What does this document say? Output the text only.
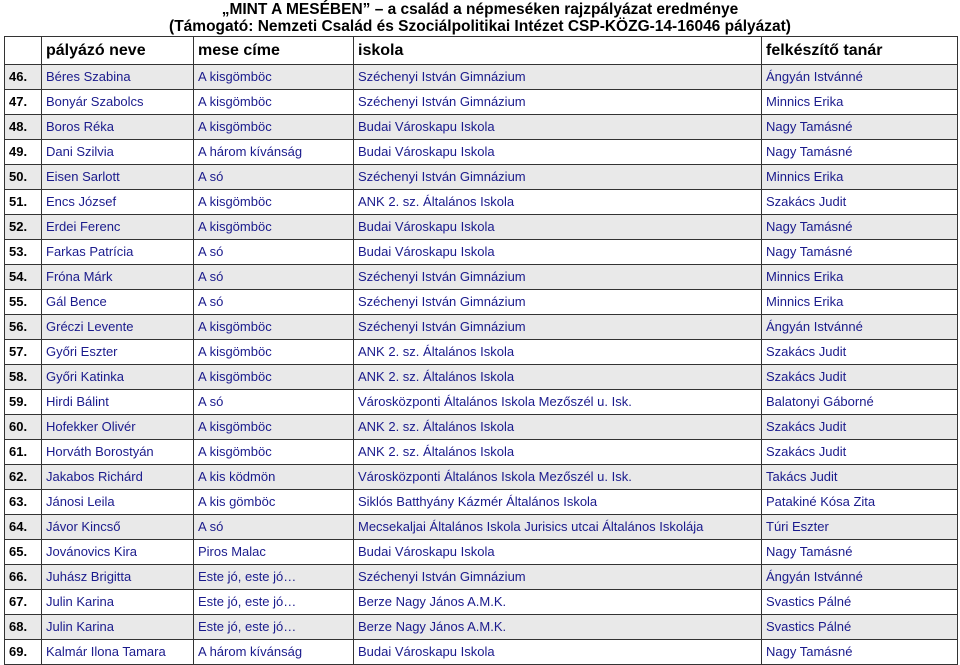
„MINT A MESÉBEN” – a család a népmeséken rajzpályázat eredménye
(Támogató: Nemzeti Család és Szociálpolitikai Intézet CSP-KÖZG-14-16046 pályázat)
	pályázó neve	mese címe	iskola	felkészítő tanár
46.	Béres Szabina	A kisgömböc	Széchenyi István Gimnázium	Ángyán Istvánné
47.	Bonyár Szabolcs	A kisgömböc	Széchenyi István Gimnázium	Minnics Erika
48.	Boros Réka	A kisgömböc	Budai Városkapu Iskola	Nagy Tamásné
49.	Dani Szilvia	A három kívánság	Budai Városkapu Iskola	Nagy Tamásné
50.	Eisen Sarlott	A só	Széchenyi István Gimnázium	Minnics Erika
51.	Encs József	A kisgömböc	ANK 2. sz. Általános Iskola	Szakács Judit
52.	Erdei Ferenc	A kisgömböc	Budai Városkapu Iskola	Nagy Tamásné
53.	Farkas Patrícia	A só	Budai Városkapu Iskola	Nagy Tamásné
54.	Fróna Márk	A só	Széchenyi István Gimnázium	Minnics Erika
55.	Gál Bence	A só	Széchenyi István Gimnázium	Minnics Erika
56.	Gréczi Levente	A kisgömböc	Széchenyi István Gimnázium	Ángyán Istvánné
57.	Győri Eszter	A kisgömböc	ANK 2. sz. Általános Iskola	Szakács Judit
58.	Győri Katinka	A kisgömböc	ANK 2. sz. Általános Iskola	Szakács Judit
59.	Hirdi Bálint	A só	Városközponti Általános Iskola Mezőszél u. Isk.	Balatonyi Gáborné
60.	Hofekker Olivér	A kisgömböc	ANK 2. sz. Általános Iskola	Szakács Judit
61.	Horváth Borostyán	A kisgömböc	ANK 2. sz. Általános Iskola	Szakács Judit
62.	Jakabos Richárd	A kis ködmön	Városközponti Általános Iskola Mezőszél u. Isk.	Takács Judit
63.	Jánosi Leila	A kis gömböc	Siklós Batthyány Kázmér Általános Iskola	Patakiné Kósa Zita
64.	Jávor Kincső	A só	Mecsekaljai Általános Iskola Jurisics utcai Általános Iskolája	Túri Eszter
65.	Jovánovics Kira	Piros Malac	Budai Városkapu Iskola	Nagy Tamásné
66.	Juhász Brigitta	Este jó, este jó…	Széchenyi István Gimnázium	Ángyán Istvánné
67.	Julin Karina	Este jó, este jó…	Berze Nagy János A.M.K.	Svastics Pálné
68.	Julin Karina	Este jó, este jó…	Berze Nagy János A.M.K.	Svastics Pálné
69.	Kalmár Ilona Tamara	A három kívánság	Budai Városkapu Iskola	Nagy Tamásné
